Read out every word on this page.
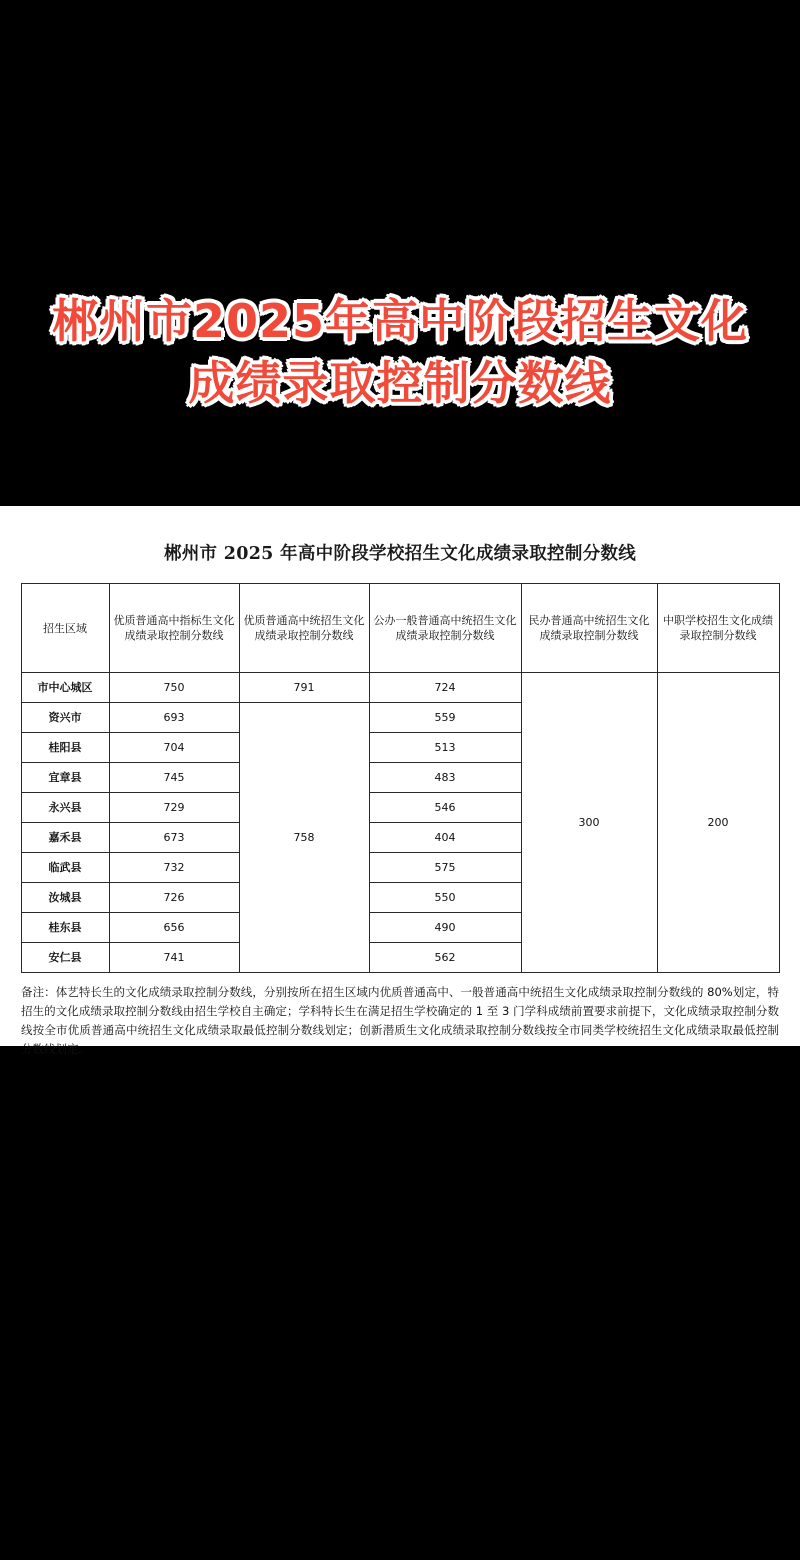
郴州市2025年高中阶段招生文化
成绩录取控制分数线
郴州市 2025 年高中阶段学校招生文化成绩录取控制分数线
招生区域	优质普通高中指标生文化成绩录取控制分数线	优质普通高中统招生文化成绩录取控制分数线	公办一般普通高中统招生文化成绩录取控制分数线	民办普通高中统招生文化成绩录取控制分数线	中职学校招生文化成绩录取控制分数线
市中心城区	750	791	724	300	200
资兴市	693	758	559		
桂阳县	704		513		
宜章县	745		483		
永兴县	729		546		
嘉禾县	673		404		
临武县	732		575		
汝城县	726		550		
桂东县	656		490		
安仁县	741		562		
备注：体艺特长生的文化成绩录取控制分数线，分别按所在招生区域内优质普通高中、一般普通高中统招生文化成绩录取控制分数线的 80%划定，特招生的文化成绩录取控制分数线由招生学校自主确定；学科特长生在满足招生学校确定的 1 至 3 门学科成绩前置要求前提下，文化成绩录取控制分数线按全市优质普通高中统招生文化成绩录取最低控制分数线划定；创新潜质生文化成绩录取控制分数线按全市同类学校统招生文化成绩录取最低控制分数线划定。
